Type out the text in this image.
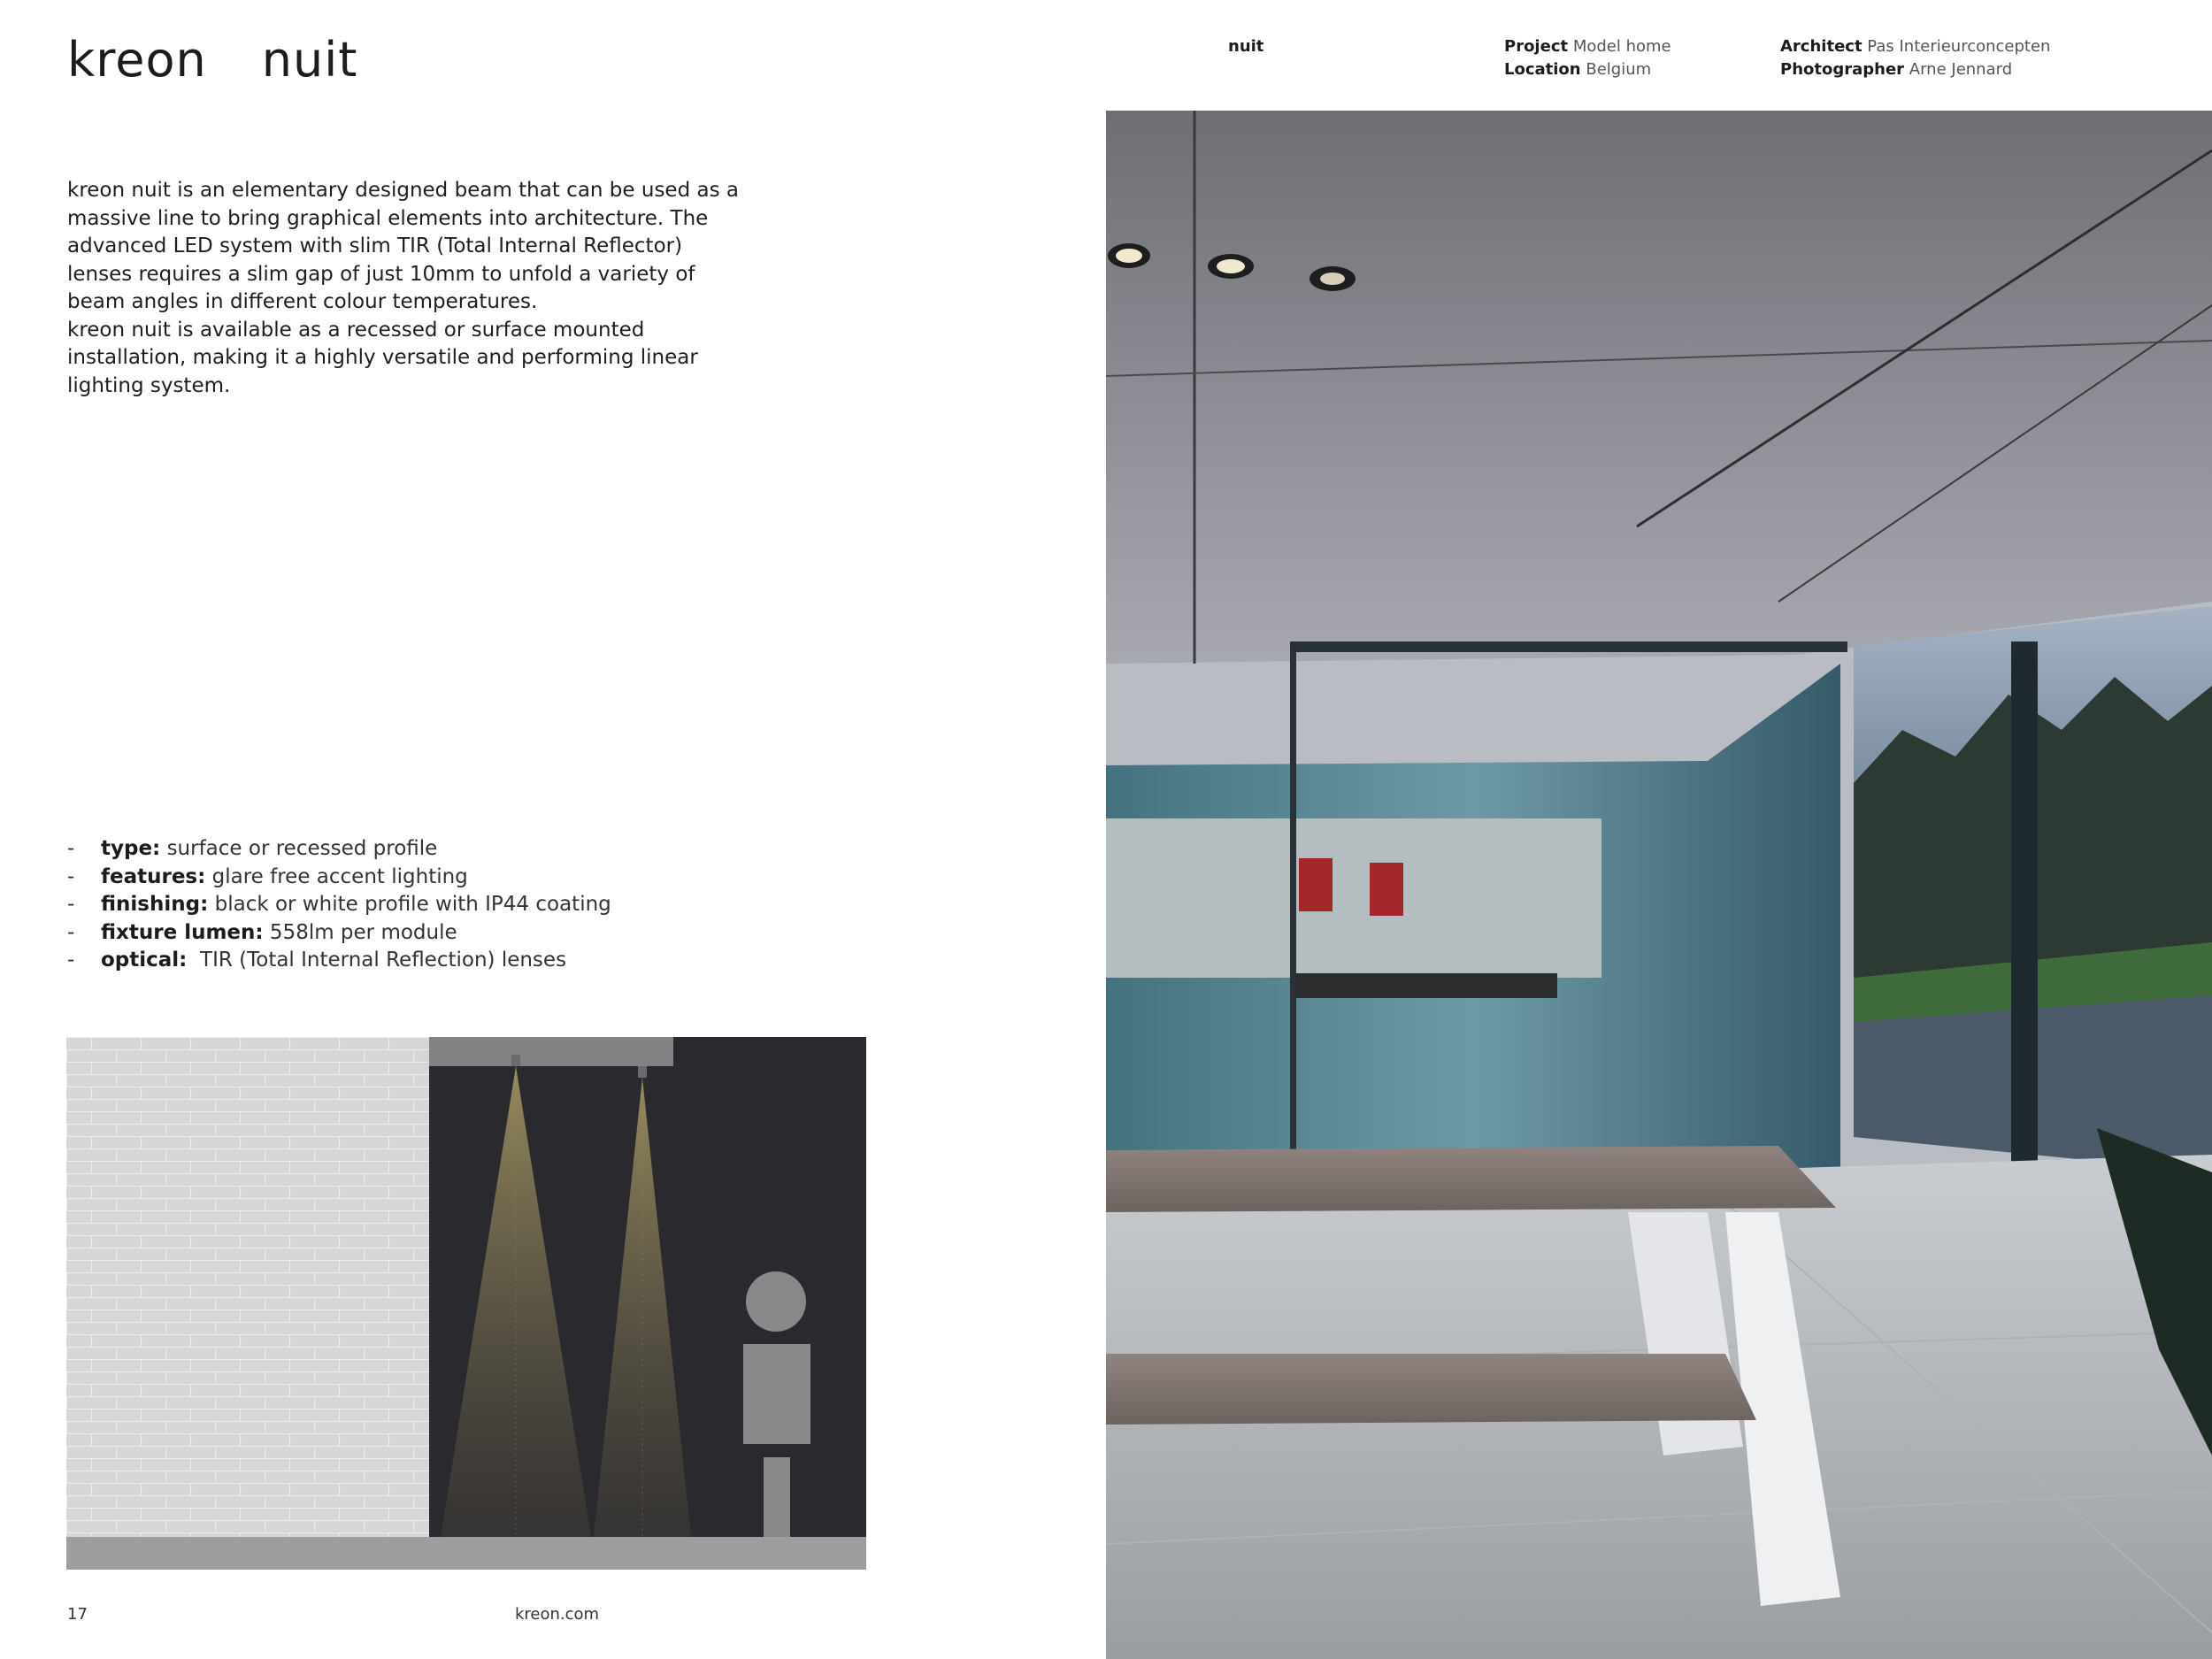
kreon nuit	nuit	Project Model home
Location Belgium
Architect Pas Interieurconcepten
Photographer Arne Jennard

kreon nuit is an elementary designed beam that can be used as a massive line to bring graphical elements into architecture. The advanced LED system with slim TIR (Total Internal Reflector) lenses requires a slim gap of just 10mm to unfold a variety of beam angles in different colour temperatures.

kreon nuit is available as a recessed or surface mounted installation, making it a highly versatile and performing linear lighting system.

- type: surface or recessed profile
- features: glare free accent lighting
- finishing: black or white profile with IP44 coating
- fixture lumen: 558lm per module
- optical:  TIR (Total Internal Reflection) lenses
17	kreon.com
